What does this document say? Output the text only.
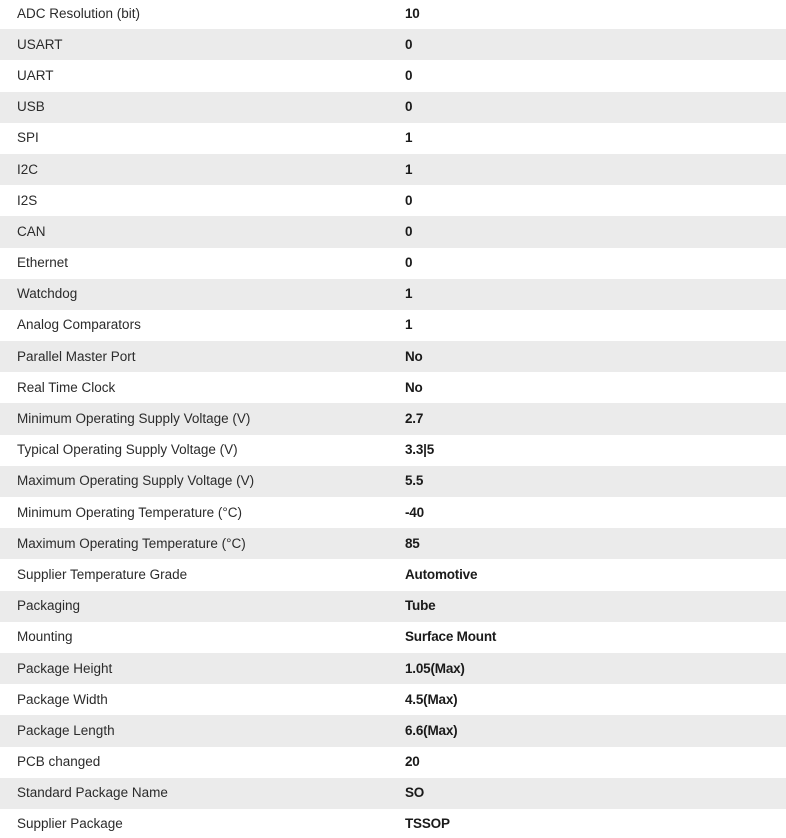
ADC Resolution (bit)	10
USART	0
UART	0
USB	0
SPI	1
I2C	1
I2S	0
CAN	0
Ethernet	0
Watchdog	1
Analog Comparators	1
Parallel Master Port	No
Real Time Clock	No
Minimum Operating Supply Voltage (V)	2.7
Typical Operating Supply Voltage (V)	3.3|5
Maximum Operating Supply Voltage (V)	5.5
Minimum Operating Temperature (°C)	-40
Maximum Operating Temperature (°C)	85
Supplier Temperature Grade	Automotive
Packaging	Tube
Mounting	Surface Mount
Package Height	1.05(Max)
Package Width	4.5(Max)
Package Length	6.6(Max)
PCB changed	20
Standard Package Name	SO
Supplier Package	TSSOP
